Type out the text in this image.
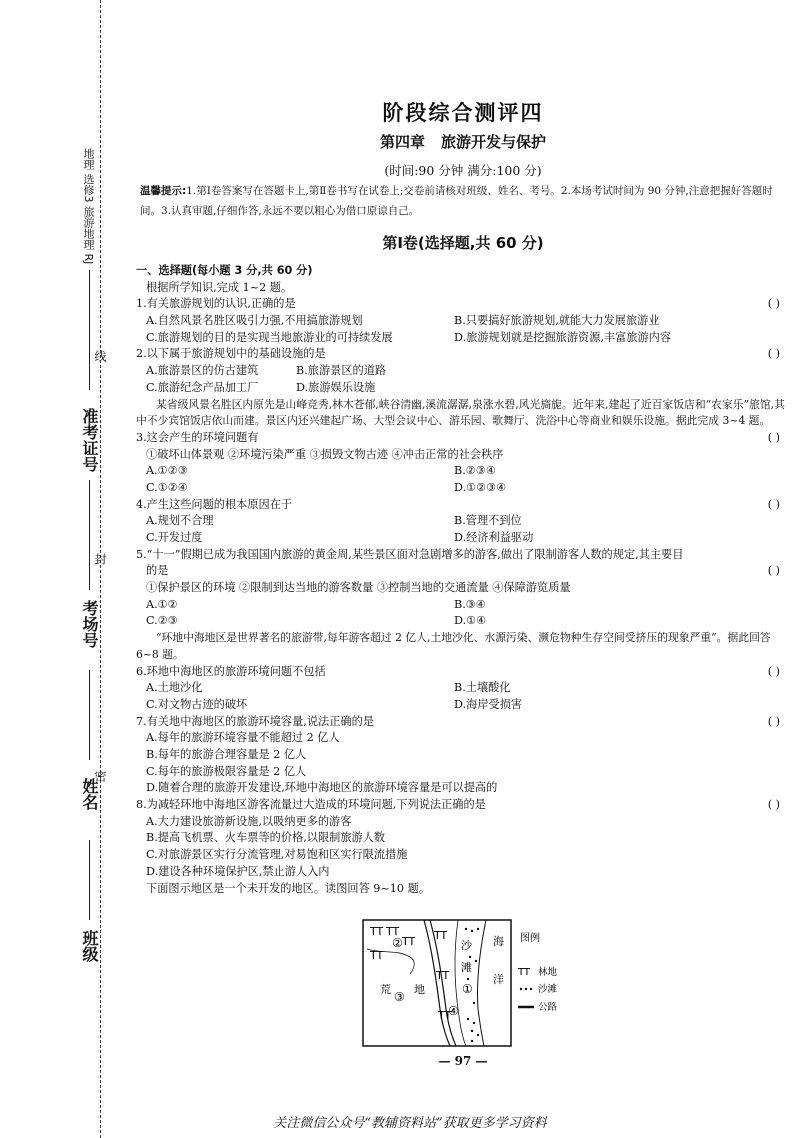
地理 选修3 旅游地理 RJ
准考证号
考场号
姓名
班级
线
封
密
阶段综合测评四
第四章 旅游开发与保护
(时间:90 分钟 满分:100 分)
温馨提示:1.第Ⅰ卷答案写在答题卡上,第Ⅱ卷书写在试卷上;交卷前请核对班级、姓名、考号。2.本场考试时间为 90 分钟,注意把握好答题时间。3.认真审题,仔细作答,永远不要以粗心为借口原谅自己。
第Ⅰ卷(选择题,共 60 分)
一、选择题(每小题 3 分,共 60 分)
根据所学知识,完成 1~2 题。
1.有关旅游规划的认识,正确的是	( )
A.自然风景名胜区吸引力强,不用搞旅游规划	B.只要搞好旅游规划,就能大力发展旅游业
C.旅游规划的目的是实现当地旅游业的可持续发展	D.旅游规划就是挖掘旅游资源,丰富旅游内容
2.以下属于旅游规划中的基础设施的是	( )
A.旅游景区的仿古建筑	B.旅游景区的道路
C.旅游纪念产品加工厂	D.旅游娱乐设施
某省级风景名胜区内原先是山峰竞秀,林木苍郁,峡谷清幽,溪流潺潺,泉涨水碧,风光旖旎。近年来,建起了近百家饭店和“农家乐”旅馆,其中不少宾馆饭店依山而建。景区内还兴建起广场、大型会议中心、游乐园、歌舞厅、洗浴中心等商业和娱乐设施。据此完成 3~4 题。
3.这会产生的环境问题有	( )
①破坏山体景观 ②环境污染严重 ③损毁文物古迹 ④冲击正常的社会秩序
A.①②③	B.②③④
C.①②④	D.①②③④
4.产生这些问题的根本原因在于	( )
A.规划不合理	B.管理不到位
C.开发过度	D.经济利益驱动
5.“十一”假期已成为我国国内旅游的黄金周,某些景区面对急剧增多的游客,做出了限制游客人数的规定,其主要目
的是	( )
①保护景区的环境 ②限制到达当地的游客数量 ③控制当地的交通流量 ④保障游览质量
A.①②	B.③④
C.②③	D.①④
“环地中海地区是世界著名的旅游带,每年游客超过 2 亿人,土地沙化、水源污染、濒危物种生存空间受挤压的现象严重”。据此回答 6~8 题。
6.环地中海地区的旅游环境问题不包括	( )
A.土地沙化	B.土壤酸化
C.对文物古迹的破坏	D.海岸受损害
7.有关地中海地区的旅游环境容量,说法正确的是	( )
A.每年的旅游环境容量不能超过 2 亿人
B.每年的旅游合理容量是 2 亿人
C.每年的旅游极限容量是 2 亿人
D.随着合理的旅游开发建设,环地中海地区的旅游环境容量是可以提高的
8.为减轻环地中海地区游客流量过大造成的环境问题,下列说法正确的是	( )
A.大力建设旅游新设施,以吸纳更多的游客
B.提高飞机票、火车票等的价格,以限制旅游人数
C.对旅游景区实行分流管理,对易饱和区实行限流措施
D.建设各种环境保护区,禁止游人入内
下面图示地区是一个未开发的地区。读图回答 9~10 题。
TT TT
TT
TT
TT
TT
TT
②
荒
③
地
沙
滩
①
④
海
洋
图例
TT 林地
沙滩
公路
— 97 —
关注微信公众号“教辅资料站”获取更多学习资料
